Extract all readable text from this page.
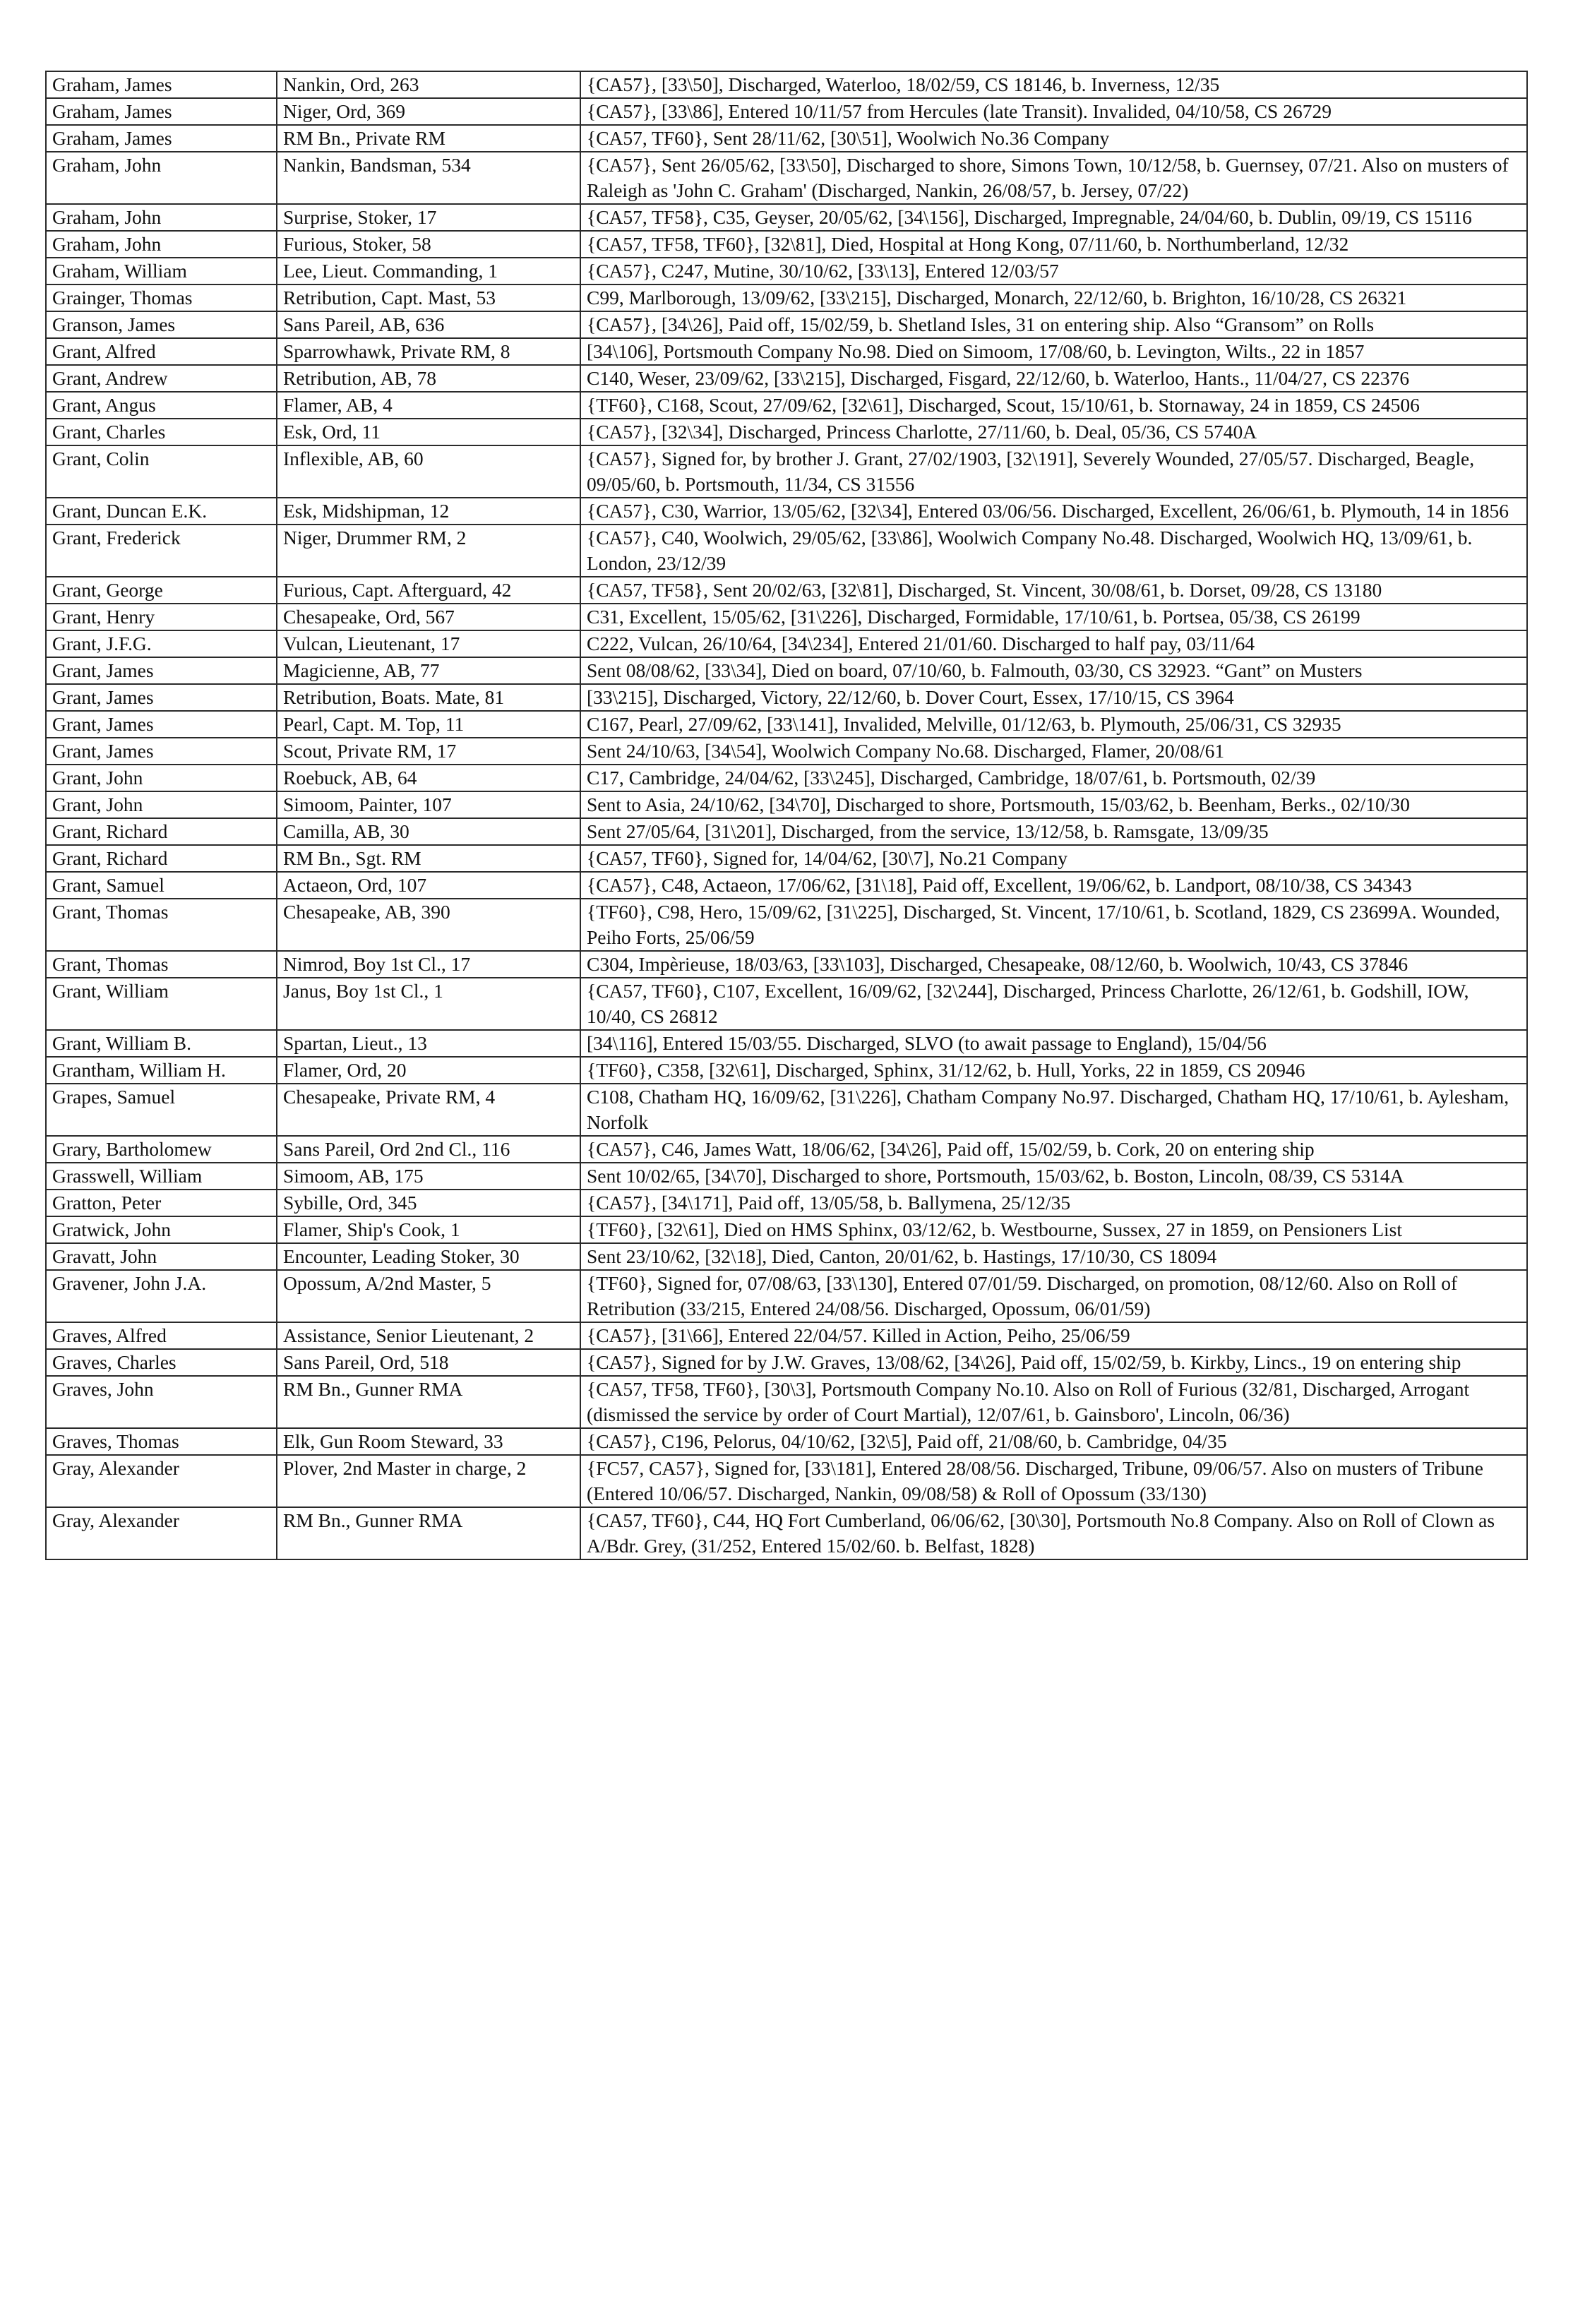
Graham, James	Nankin, Ord, 263	{CA57}, [33\50], Discharged, Waterloo, 18/02/59, CS 18146, b. Inverness, 12/35
Graham, James	Niger, Ord, 369	{CA57}, [33\86], Entered 10/11/57 from Hercules (late Transit). Invalided, 04/10/58, CS 26729
Graham, James	RM Bn., Private RM	{CA57, TF60}, Sent 28/11/62, [30\51], Woolwich No.36 Company
Graham, John	Nankin, Bandsman, 534	{CA57}, Sent 26/05/62, [33\50], Discharged to shore, Simons Town, 10/12/58, b. Guernsey, 07/21. Also on musters of Raleigh as 'John C. Graham' (Discharged, Nankin, 26/08/57, b. Jersey, 07/22)
Graham, John	Surprise, Stoker, 17	{CA57, TF58}, C35, Geyser, 20/05/62, [34\156], Discharged, Impregnable, 24/04/60, b. Dublin, 09/19, CS 15116
Graham, John	Furious, Stoker, 58	{CA57, TF58, TF60}, [32\81], Died, Hospital at Hong Kong, 07/11/60, b. Northumberland, 12/32
Graham, William	Lee, Lieut. Commanding, 1	{CA57}, C247, Mutine, 30/10/62, [33\13], Entered 12/03/57
Grainger, Thomas	Retribution, Capt. Mast, 53	C99, Marlborough, 13/09/62, [33\215], Discharged, Monarch, 22/12/60, b. Brighton, 16/10/28, CS 26321
Granson, James	Sans Pareil, AB, 636	{CA57}, [34\26], Paid off, 15/02/59, b. Shetland Isles, 31 on entering ship. Also “Gransom” on Rolls
Grant, Alfred	Sparrowhawk, Private RM, 8	[34\106], Portsmouth Company No.98. Died on Simoom, 17/08/60, b. Levington, Wilts., 22 in 1857
Grant, Andrew	Retribution, AB, 78	C140, Weser, 23/09/62, [33\215], Discharged, Fisgard, 22/12/60, b. Waterloo, Hants., 11/04/27, CS 22376
Grant, Angus	Flamer, AB, 4	{TF60}, C168, Scout, 27/09/62, [32\61], Discharged, Scout, 15/10/61, b. Stornaway, 24 in 1859, CS 24506
Grant, Charles	Esk, Ord, 11	{CA57}, [32\34], Discharged, Princess Charlotte, 27/11/60, b. Deal, 05/36, CS 5740A
Grant, Colin	Inflexible, AB, 60	{CA57}, Signed for, by brother J. Grant, 27/02/1903, [32\191], Severely Wounded, 27/05/57. Discharged, Beagle, 09/05/60, b. Portsmouth, 11/34, CS 31556
Grant, Duncan E.K.	Esk, Midshipman, 12	{CA57}, C30, Warrior, 13/05/62, [32\34], Entered 03/06/56. Discharged, Excellent, 26/06/61, b. Plymouth, 14 in 1856
Grant, Frederick	Niger, Drummer RM, 2	{CA57}, C40, Woolwich, 29/05/62, [33\86], Woolwich Company No.48. Discharged, Woolwich HQ, 13/09/61, b. London, 23/12/39
Grant, George	Furious, Capt. Afterguard, 42	{CA57, TF58}, Sent 20/02/63, [32\81], Discharged, St. Vincent, 30/08/61, b. Dorset, 09/28, CS 13180
Grant, Henry	Chesapeake, Ord, 567	C31, Excellent, 15/05/62, [31\226], Discharged, Formidable, 17/10/61, b. Portsea, 05/38, CS 26199
Grant, J.F.G.	Vulcan, Lieutenant, 17	C222, Vulcan, 26/10/64, [34\234], Entered 21/01/60. Discharged to half pay, 03/11/64
Grant, James	Magicienne, AB, 77	Sent 08/08/62, [33\34], Died on board, 07/10/60, b. Falmouth, 03/30, CS 32923. “Gant” on Musters
Grant, James	Retribution, Boats. Mate, 81	[33\215], Discharged, Victory, 22/12/60, b. Dover Court, Essex, 17/10/15, CS 3964
Grant, James	Pearl, Capt. M. Top, 11	C167, Pearl, 27/09/62, [33\141], Invalided, Melville, 01/12/63, b. Plymouth, 25/06/31, CS 32935
Grant, James	Scout, Private RM, 17	Sent 24/10/63, [34\54], Woolwich Company No.68. Discharged, Flamer, 20/08/61
Grant, John	Roebuck, AB, 64	C17, Cambridge, 24/04/62, [33\245], Discharged, Cambridge, 18/07/61, b. Portsmouth, 02/39
Grant, John	Simoom, Painter, 107	Sent to Asia, 24/10/62, [34\70], Discharged to shore, Portsmouth, 15/03/62, b. Beenham, Berks., 02/10/30
Grant, Richard	Camilla, AB, 30	Sent 27/05/64, [31\201], Discharged, from the service, 13/12/58, b. Ramsgate, 13/09/35
Grant, Richard	RM Bn., Sgt. RM	{CA57, TF60}, Signed for, 14/04/62, [30\7], No.21 Company
Grant, Samuel	Actaeon, Ord, 107	{CA57}, C48, Actaeon, 17/06/62, [31\18], Paid off, Excellent, 19/06/62, b. Landport, 08/10/38, CS 34343
Grant, Thomas	Chesapeake, AB, 390	{TF60}, C98, Hero, 15/09/62, [31\225], Discharged, St. Vincent, 17/10/61, b. Scotland, 1829, CS 23699A. Wounded, Peiho Forts, 25/06/59
Grant, Thomas	Nimrod, Boy 1st Cl., 17	C304, Impèrieuse, 18/03/63, [33\103], Discharged, Chesapeake, 08/12/60, b. Woolwich, 10/43, CS 37846
Grant, William	Janus, Boy 1st Cl., 1	{CA57, TF60}, C107, Excellent, 16/09/62, [32\244], Discharged, Princess Charlotte, 26/12/61, b. Godshill, IOW, 10/40, CS 26812
Grant, William B.	Spartan, Lieut., 13	[34\116], Entered 15/03/55. Discharged, SLVO (to await passage to England), 15/04/56
Grantham, William H.	Flamer, Ord, 20	{TF60}, C358, [32\61], Discharged, Sphinx, 31/12/62, b. Hull, Yorks, 22 in 1859, CS 20946
Grapes, Samuel	Chesapeake, Private RM, 4	C108, Chatham HQ, 16/09/62, [31\226], Chatham Company No.97. Discharged, Chatham HQ, 17/10/61, b. Aylesham, Norfolk
Grary, Bartholomew	Sans Pareil, Ord 2nd Cl., 116	{CA57}, C46, James Watt, 18/06/62, [34\26], Paid off, 15/02/59, b. Cork, 20 on entering ship
Grasswell, William	Simoom, AB, 175	Sent 10/02/65, [34\70], Discharged to shore, Portsmouth, 15/03/62, b. Boston, Lincoln, 08/39, CS 5314A
Gratton, Peter	Sybille, Ord, 345	{CA57}, [34\171], Paid off, 13/05/58, b. Ballymena, 25/12/35
Gratwick, John	Flamer, Ship's Cook, 1	{TF60}, [32\61], Died on HMS Sphinx, 03/12/62, b. Westbourne, Sussex, 27 in 1859, on Pensioners List
Gravatt, John	Encounter, Leading Stoker, 30	Sent 23/10/62, [32\18], Died, Canton, 20/01/62, b. Hastings, 17/10/30, CS 18094
Gravener, John J.A.	Opossum, A/2nd Master, 5	{TF60}, Signed for, 07/08/63, [33\130], Entered 07/01/59. Discharged, on promotion, 08/12/60. Also on Roll of Retribution (33/215, Entered 24/08/56. Discharged, Opossum, 06/01/59)
Graves, Alfred	Assistance, Senior Lieutenant, 2	{CA57}, [31\66], Entered 22/04/57. Killed in Action, Peiho, 25/06/59
Graves, Charles	Sans Pareil, Ord, 518	{CA57}, Signed for by J.W. Graves, 13/08/62, [34\26], Paid off, 15/02/59, b. Kirkby, Lincs., 19 on entering ship
Graves, John	RM Bn., Gunner RMA	{CA57, TF58, TF60}, [30\3], Portsmouth Company No.10. Also on Roll of Furious (32/81, Discharged, Arrogant (dismissed the service by order of Court Martial), 12/07/61, b. Gainsboro', Lincoln, 06/36)
Graves, Thomas	Elk, Gun Room Steward, 33	{CA57}, C196, Pelorus, 04/10/62, [32\5], Paid off, 21/08/60, b. Cambridge, 04/35
Gray, Alexander	Plover, 2nd Master in charge, 2	{FC57, CA57}, Signed for, [33\181], Entered 28/08/56. Discharged, Tribune, 09/06/57. Also on musters of Tribune (Entered 10/06/57. Discharged, Nankin, 09/08/58) & Roll of Opossum (33/130)
Gray, Alexander	RM Bn., Gunner RMA	{CA57, TF60}, C44, HQ Fort Cumberland, 06/06/62, [30\30], Portsmouth No.8 Company. Also on Roll of Clown as A/Bdr. Grey, (31/252, Entered 15/02/60. b. Belfast, 1828)
